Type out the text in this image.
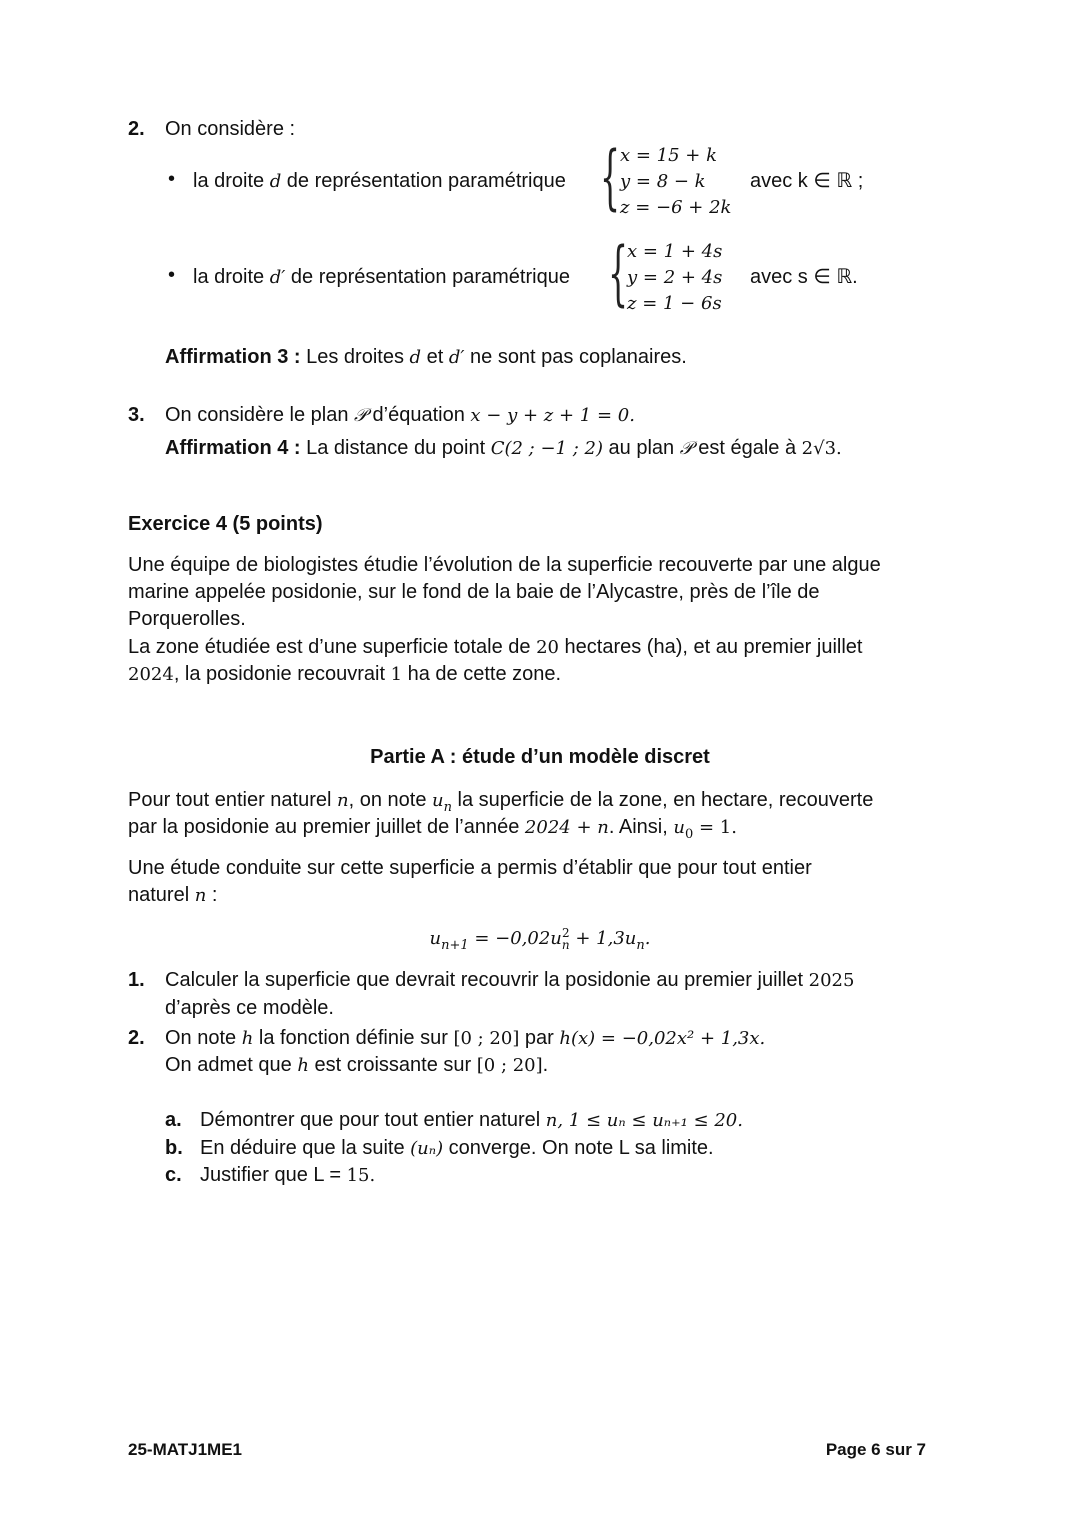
2. On considère :
• la droite d de représentation paramétrique { x = 15 + k
y = 8 − k
z = −6 + 2k
avec k ∈ ℝ ;
• la droite d′ de représentation paramétrique {
x = 1 + 4s
y = 2 + 4s
z = 1 − 6s
avec s ∈ ℝ.
Affirmation 3 : Les droites d et d′ ne sont pas coplanaires.
3. On considère le plan 𝒫 d’équation x − y + z + 1 = 0.
Affirmation 4 : La distance du point C(2 ; −1 ; 2) au plan 𝒫 est égale à 2√3.
Exercice 4 (5 points)
Une équipe de biologistes étudie l’évolution de la superficie recouverte par une algue
marine appelée posidonie, sur le fond de la baie de l’Alycastre, près de l’île de
Porquerolles.
La zone étudiée est d’une superficie totale de 20 hectares (ha), et au premier juillet
2024, la posidonie recouvrait 1 ha de cette zone.
Partie A : étude d’un modèle discret
Pour tout entier naturel n, on note $u_n$ la superficie de la zone, en hectare, recouverte
par la posidonie au premier juillet de l’année 2024 + n. Ainsi, $u_0 = 1$.
Une étude conduite sur cette superficie a permis d’établir que pour tout entier
naturel n :
$u_{n+1} = -0,02u$ 2
$n + 1,3u_n$.
1. Calculer la superficie que devrait recouvrir la posidonie au premier juillet 2025
d’après ce modèle.
2. On note h la fonction définie sur [0 ; 20] par h(x) = −0,02x² + 1,3x.
On admet que h est croissante sur [0 ; 20].
a. Démontrer que pour tout entier naturel n, 1 ≤ uₙ ≤ uₙ₊₁ ≤ 20.
b. En déduire que la suite (uₙ) converge. On note L sa limite.
c. Justifier que L = 15.
25-MATJ1ME1	Page 6 sur 7
